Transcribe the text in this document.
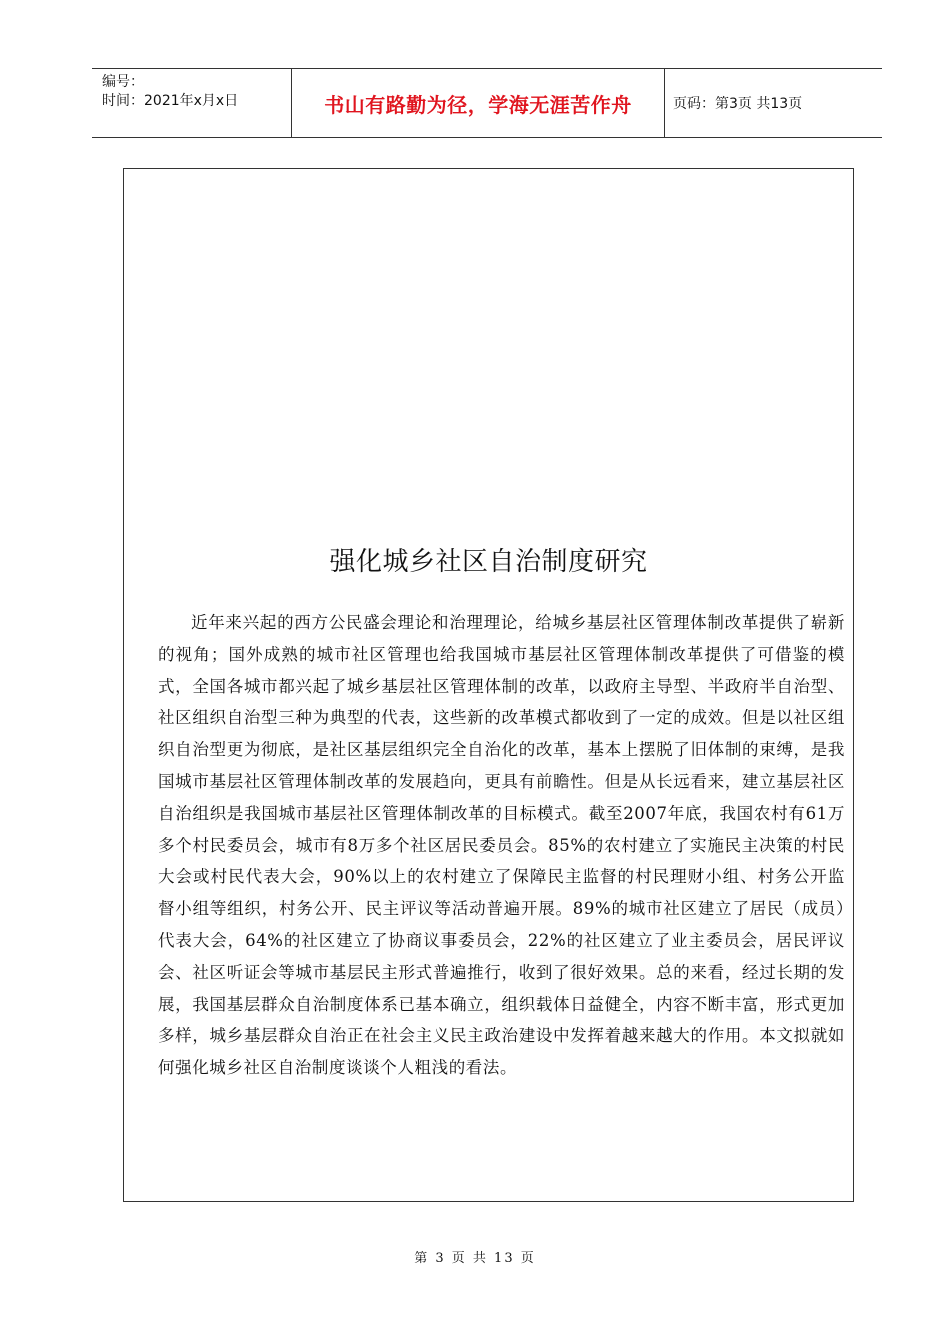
编号：
时间：2021年x月x日	书山有路勤为径，学海无涯苦作舟	页码：第3页 共13页
强化城乡社区自治制度研究

近年来兴起的西方公民盛会理论和治理理论，给城乡基层社区管理体制改革提供了崭新的视角；国外成熟的城市社区管理也给我国城市基层社区管理体制改革提供了可借鉴的模式，全国各城市都兴起了城乡基层社区管理体制的改革，以政府主导型、半政府半自治型、社区组织自治型三种为典型的代表，这些新的改革模式都收到了一定的成效。但是以社区组织自治型更为彻底，是社区基层组织完全自治化的改革，基本上摆脱了旧体制的束缚，是我国城市基层社区管理体制改革的发展趋向，更具有前瞻性。但是从长远看来，建立基层社区自治组织是我国城市基层社区管理体制改革的目标模式。截至2007年底，我国农村有61万多个村民委员会，城市有8万多个社区居民委员会。85%的农村建立了实施民主决策的村民大会或村民代表大会，90%以上的农村建立了保障民主监督的村民理财小组、村务公开监督小组等组织，村务公开、民主评议等活动普遍开展。89%的城市社区建立了居民（成员）代表大会，64%的社区建立了协商议事委员会，22%的社区建立了业主委员会，居民评议会、社区听证会等城市基层民主形式普遍推行，收到了很好效果。总的来看，经过长期的发展，我国基层群众自治制度体系已基本确立，组织载体日益健全，内容不断丰富，形式更加多样，城乡基层群众自治正在社会主义民主政治建设中发挥着越来越大的作用。本文拟就如何强化城乡社区自治制度谈谈个人粗浅的看法。

第 3 页 共 13 页
